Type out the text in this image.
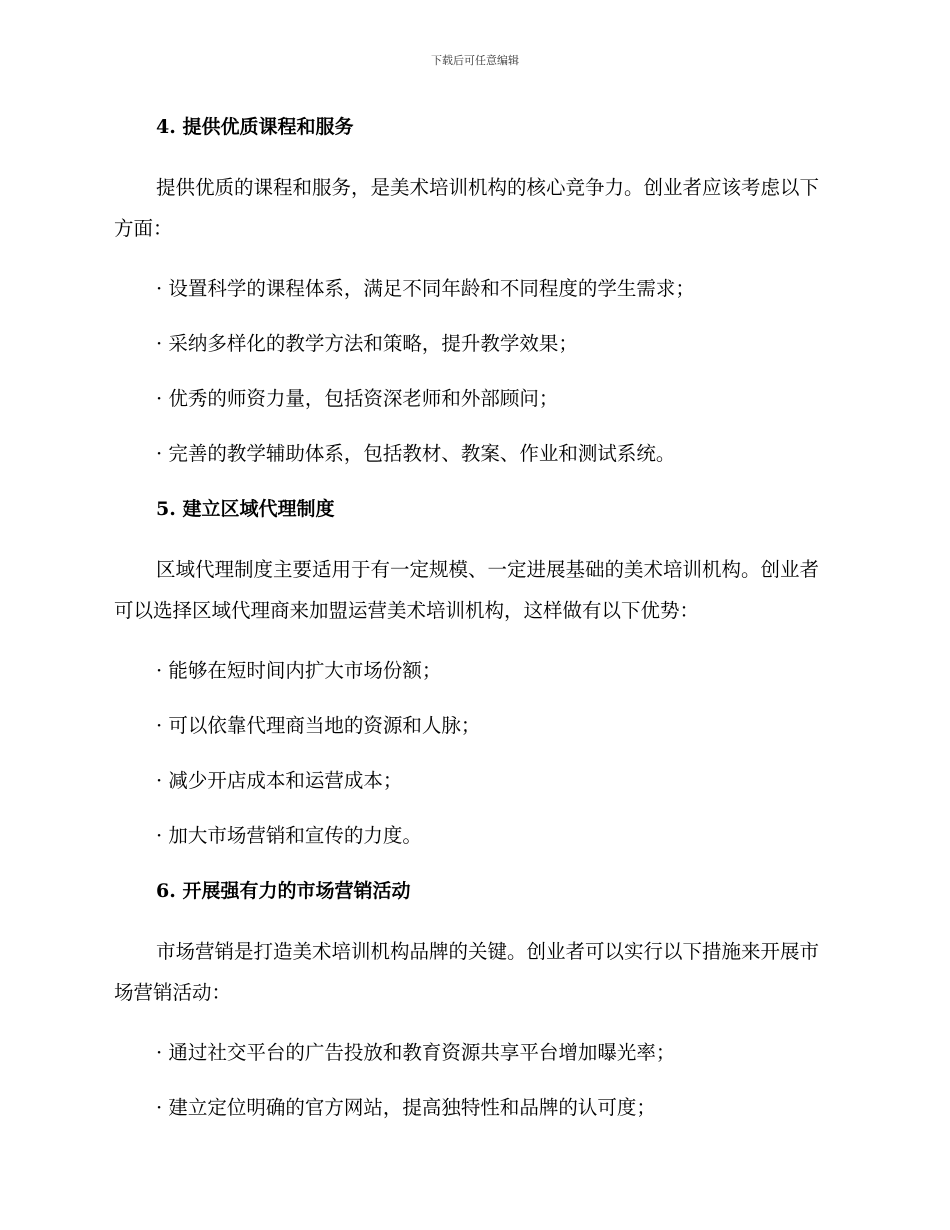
下载后可任意编辑

4. 提供优质课程和服务

提供优质的课程和服务，是美术培训机构的核心竞争力。创业者应该考虑以下方面：

· 设置科学的课程体系，满足不同年龄和不同程度的学生需求；

· 采纳多样化的教学方法和策略，提升教学效果；

· 优秀的师资力量，包括资深老师和外部顾问；

· 完善的教学辅助体系，包括教材、教案、作业和测试系统。

5. 建立区域代理制度

区域代理制度主要适用于有一定规模、一定进展基础的美术培训机构。创业者可以选择区域代理商来加盟运营美术培训机构，这样做有以下优势：

· 能够在短时间内扩大市场份额；

· 可以依靠代理商当地的资源和人脉；

· 减少开店成本和运营成本；

· 加大市场营销和宣传的力度。

6. 开展强有力的市场营销活动

市场营销是打造美术培训机构品牌的关键。创业者可以实行以下措施来开展市场营销活动：

· 通过社交平台的广告投放和教育资源共享平台增加曝光率；

· 建立定位明确的官方网站，提高独特性和品牌的认可度；
